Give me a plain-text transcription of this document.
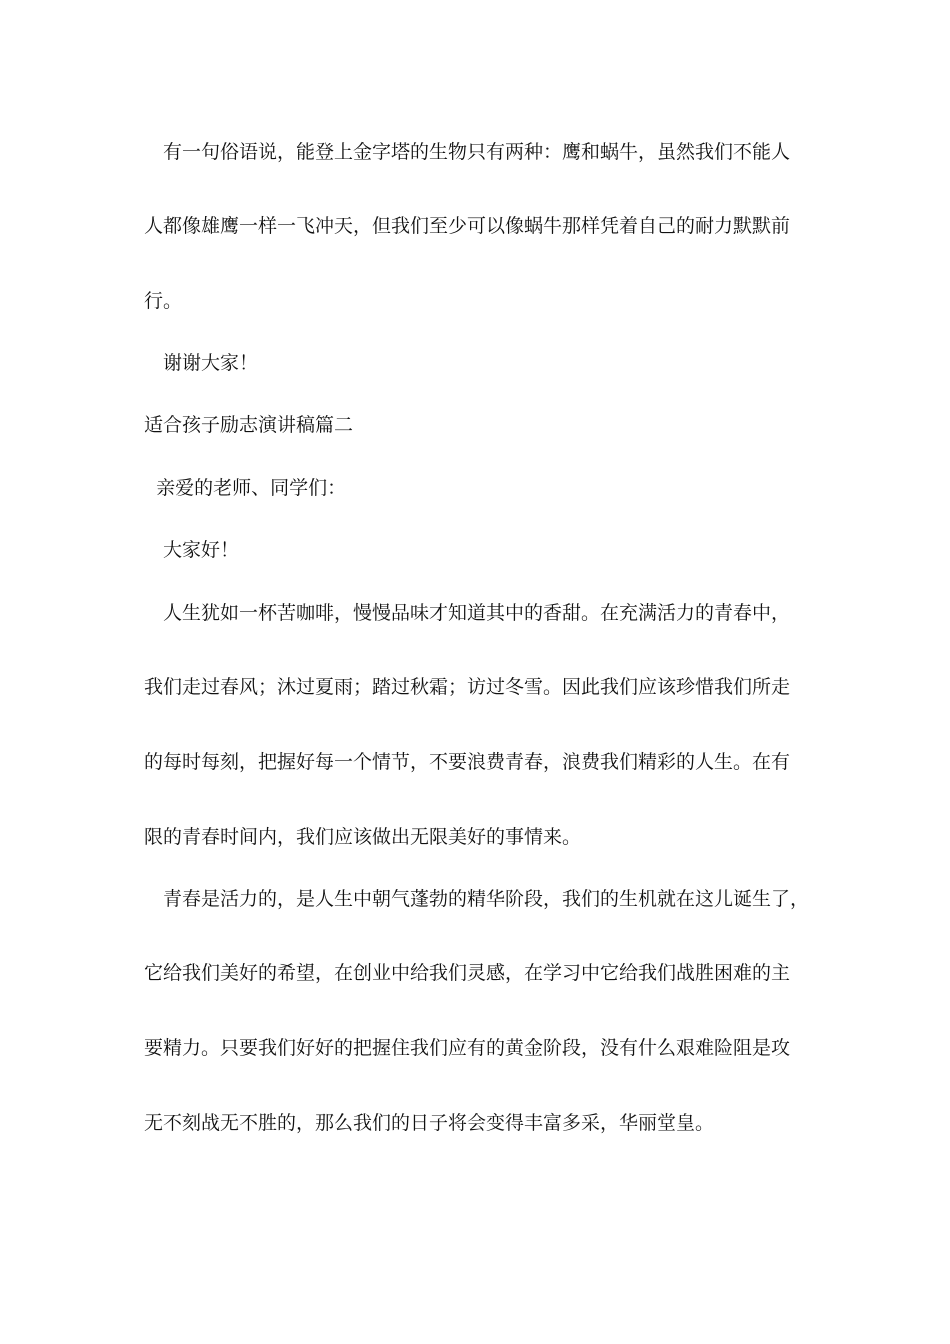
　有一句俗语说，能登上金字塔的生物只有两种：鹰和蜗牛，虽然我们不能人
人都像雄鹰一样一飞冲天，但我们至少可以像蜗牛那样凭着自己的耐力默默前
行。
　谢谢大家！
适合孩子励志演讲稿篇二
亲爱的老师、同学们：
　大家好！
　人生犹如一杯苦咖啡，慢慢品味才知道其中的香甜。在充满活力的青春中，
我们走过春风；沐过夏雨；踏过秋霜；访过冬雪。因此我们应该珍惜我们所走
的每时每刻，把握好每一个情节，不要浪费青春，浪费我们精彩的人生。在有
限的青春时间内，我们应该做出无限美好的事情来。
　青春是活力的，是人生中朝气蓬勃的精华阶段，我们的生机就在这儿诞生了，
它给我们美好的希望，在创业中给我们灵感，在学习中它给我们战胜困难的主
要精力。只要我们好好的把握住我们应有的黄金阶段，没有什么艰难险阻是攻
无不刻战无不胜的，那么我们的日子将会变得丰富多采，华丽堂皇。
